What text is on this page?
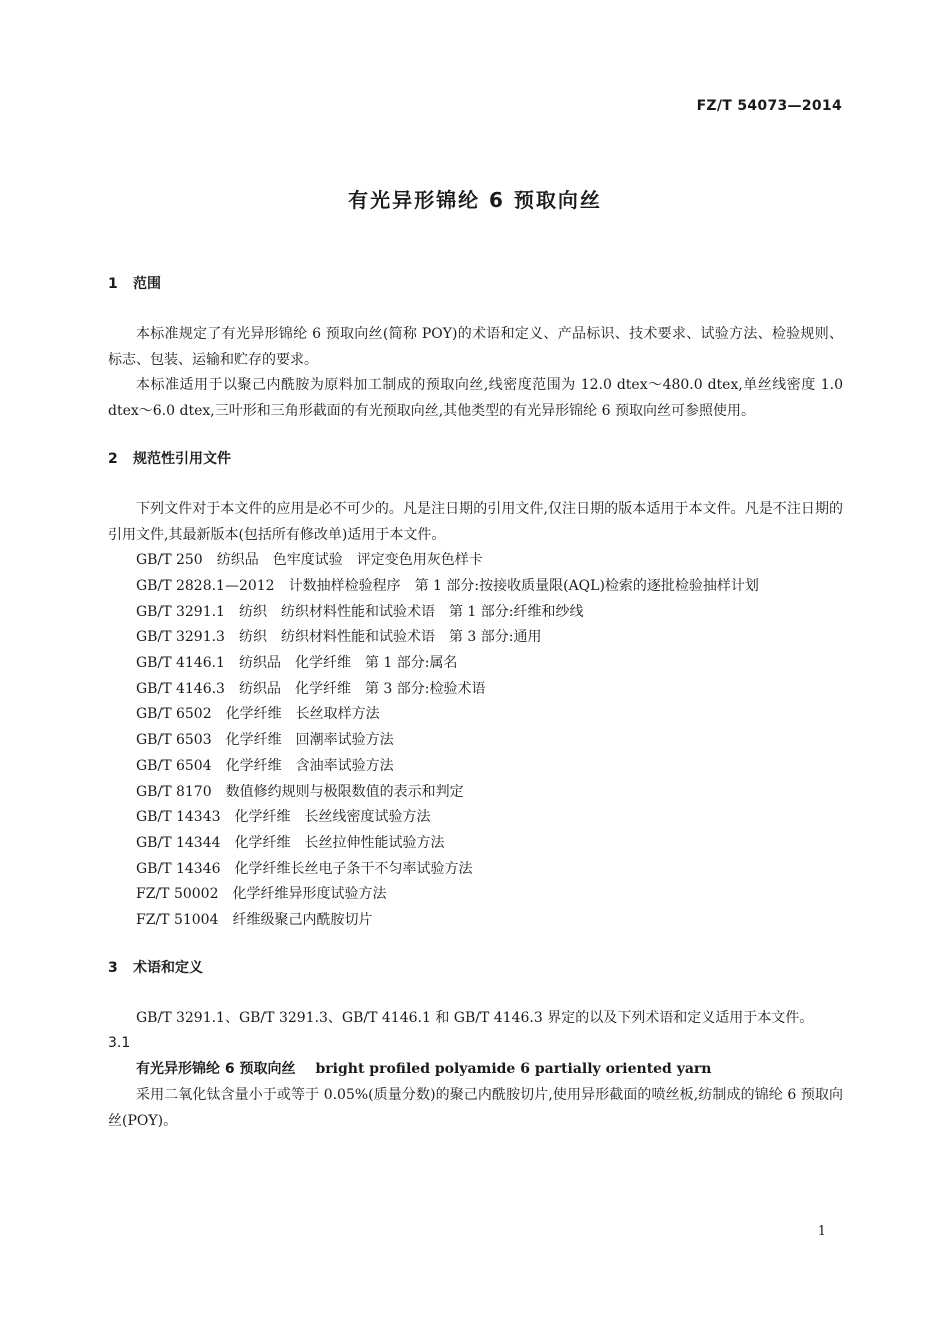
FZ/T 54073—2014
有光异形锦纶 6 预取向丝
1 范围

本标准规定了有光异形锦纶 6 预取向丝(简称 POY)的术语和定义、产品标识、技术要求、试验方法、检验规则、标志、包装、运输和贮存的要求。

本标准适用于以聚己内酰胺为原料加工制成的预取向丝,线密度范围为 12.0 dtex～480.0 dtex,单丝线密度 1.0 dtex～6.0 dtex,三叶形和三角形截面的有光预取向丝,其他类型的有光异形锦纶 6 预取向丝可参照使用。

2 规范性引用文件

下列文件对于本文件的应用是必不可少的。凡是注日期的引用文件,仅注日期的版本适用于本文件。凡是不注日期的引用文件,其最新版本(包括所有修改单)适用于本文件。

GB/T 250　纺织品　色牢度试验　评定变色用灰色样卡

GB/T 2828.1—2012　计数抽样检验程序　第 1 部分:按接收质量限(AQL)检索的逐批检验抽样计划

GB/T 3291.1　纺织　纺织材料性能和试验术语　第 1 部分:纤维和纱线

GB/T 3291.3　纺织　纺织材料性能和试验术语　第 3 部分:通用

GB/T 4146.1　纺织品　化学纤维　第 1 部分:属名

GB/T 4146.3　纺织品　化学纤维　第 3 部分:检验术语

GB/T 6502　化学纤维　长丝取样方法

GB/T 6503　化学纤维　回潮率试验方法

GB/T 6504　化学纤维　含油率试验方法

GB/T 8170　数值修约规则与极限数值的表示和判定

GB/T 14343　化学纤维　长丝线密度试验方法

GB/T 14344　化学纤维　长丝拉伸性能试验方法

GB/T 14346　化学纤维长丝电子条干不匀率试验方法

FZ/T 50002　化学纤维异形度试验方法

FZ/T 51004　纤维级聚己内酰胺切片

3 术语和定义

GB/T 3291.1、GB/T 3291.3、GB/T 4146.1 和 GB/T 4146.3 界定的以及下列术语和定义适用于本文件。

3.1
有光异形锦纶 6 预取向丝 bright profiled polyamide 6 partially oriented yarn

采用二氧化钛含量小于或等于 0.05%(质量分数)的聚己内酰胺切片,使用异形截面的喷丝板,纺制成的锦纶 6 预取向丝(POY)。

1
